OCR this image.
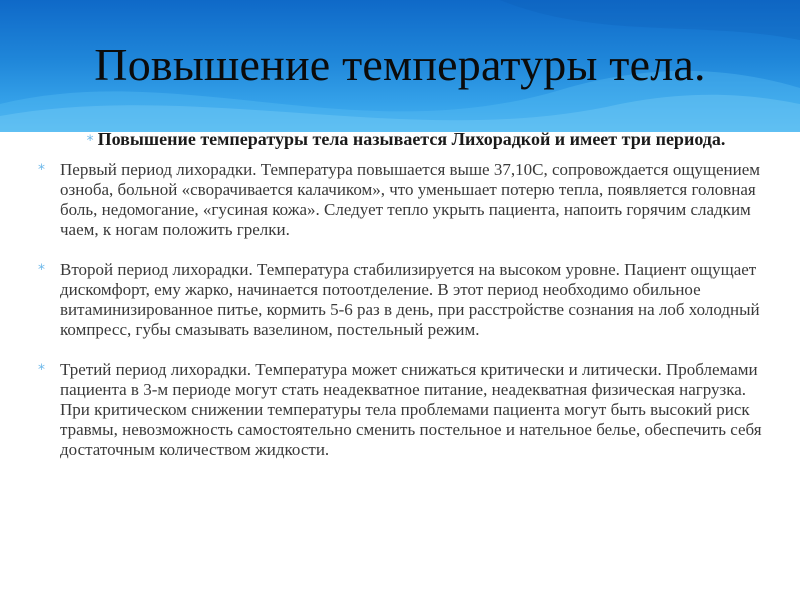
Повышение температуры тела.
* Повышение температуры тела называется Лихорадкой и имеет три периода.
* Первый период лихорадки. Температура повышается выше 37,10С, сопровождается ощущением озноба, больной «сворачивается калачиком», что уменьшает потерю тепла, появляется головная боль, недомогание, «гусиная кожа». Следует тепло укрыть пациента, напоить горячим сладким чаем, к ногам положить грелки.
* Второй период лихорадки. Температура стабилизируется на высоком уровне. Пациент ощущает дискомфорт, ему жарко, начинается потоотделение. В этот период необходимо обильное витаминизированное питье, кормить 5-6 раз в день, при расстройстве сознания на лоб холодный компресс, губы смазывать вазелином, постельный режим.
* Третий период лихорадки. Температура может снижаться критически и литически. Проблемами пациента в 3-м периоде могут стать неадекватное питание, неадекватная физическая нагрузка. При критическом снижении температуры тела проблемами пациента могут быть высокий риск травмы, невозможность самостоятельно сменить постельное и нательное белье, обеспечить себя достаточным количеством жидкости.
